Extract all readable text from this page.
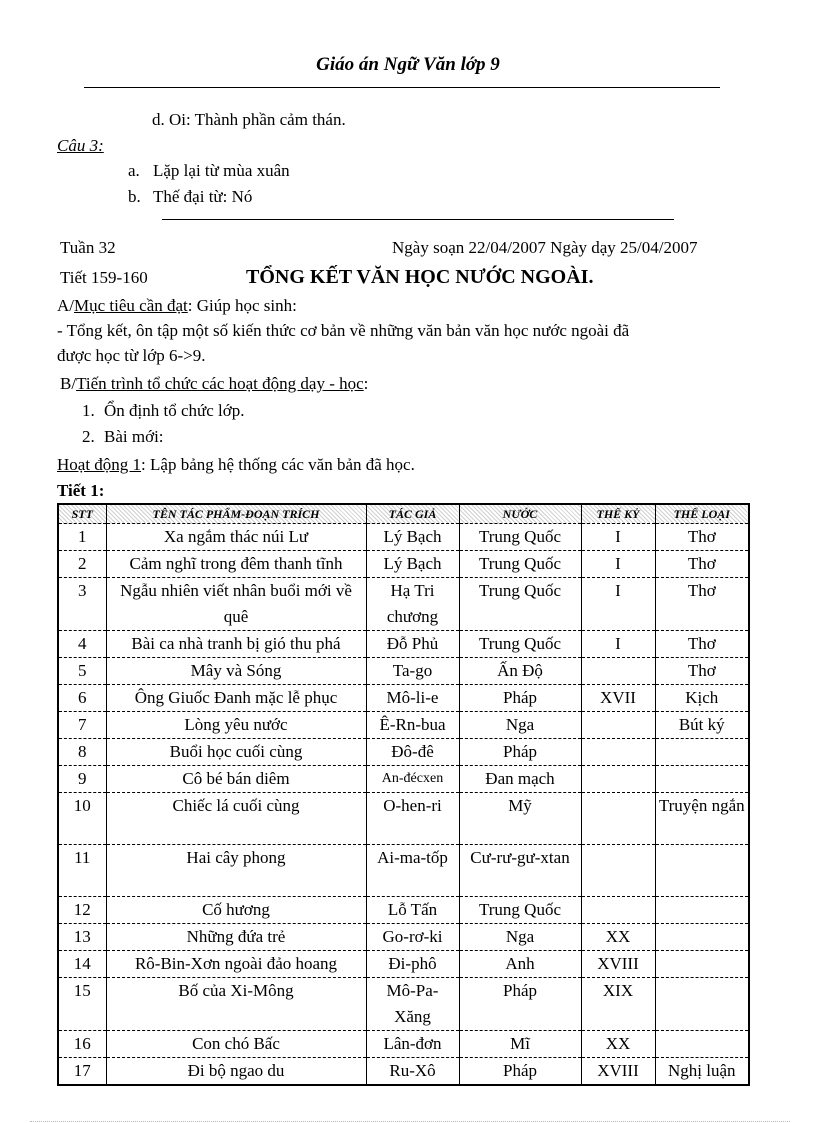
Giáo án Ngữ Văn lớp 9
d. Oi: Thành phần cảm thán.
Câu 3:
a. Lặp lại từ mùa xuân
b. Thế đại từ: Nó
Tuần 32	Ngày soạn 22/04/2007 Ngày dạy 25/04/2007
Tiết 159-160	TỔNG KẾT VĂN HỌC NƯỚC NGOÀI.
A/Mục tiêu cần đạt: Giúp học sinh:
- Tổng kết, ôn tập một số kiến thức cơ bản về những văn bản văn học nước ngoài đã
được học từ lớp 6->9.
B/Tiến trình tổ chức các hoạt động dạy - học:
1. Ổn định tổ chức lớp.
2. Bài mới:
Hoạt động 1: Lập bảng hệ thống các văn bản đã học.
Tiết 1:
STT	TÊN TÁC PHẨM-ĐOẠN TRÍCH	TÁC GIẢ	NƯỚC	THẾ KỶ	THỂ LOẠI
1	Xa ngắm thác núi Lư	Lý Bạch	Trung Quốc	I	Thơ
2	Cảm nghĩ trong đêm thanh tĩnh	Lý Bạch	Trung Quốc	I	Thơ
3	Ngẫu nhiên viết nhân buổi mới về quê	Hạ Tri chương	Trung Quốc	I	Thơ
4	Bài ca nhà tranh bị gió thu phá	Đỗ Phủ	Trung Quốc	I	Thơ
5	Mây và Sóng	Ta-go	Ấn Độ		Thơ
6	Ông Giuốc Đanh mặc lễ phục	Mô-li-e	Pháp	XVII	Kịch
7	Lòng yêu nước	Ê-Rn-bua	Nga		Bút ký
8	Buổi học cuối cùng	Đô-đê	Pháp		
9	Cô bé bán diêm	An-đécxen	Đan mạch		
10	Chiếc lá cuối cùng	O-hen-ri	Mỹ		Truyện ngắn
11	Hai cây phong	Ai-ma-tốp	Cư-rư-gư-xtan		
12	Cố hương	Lỗ Tấn	Trung Quốc		
13	Những đứa trẻ	Go-rơ-ki	Nga	XX	
14	Rô-Bin-Xơn ngoài đảo hoang	Đi-phô	Anh	XVIII	
15	Bố của Xi-Mông	Mô-Pa-Xăng	Pháp	XIX	
16	Con chó Bấc	Lân-đơn	Mĩ	XX	
17	Đi bộ ngao du	Ru-Xô	Pháp	XVIII	Nghị luận
